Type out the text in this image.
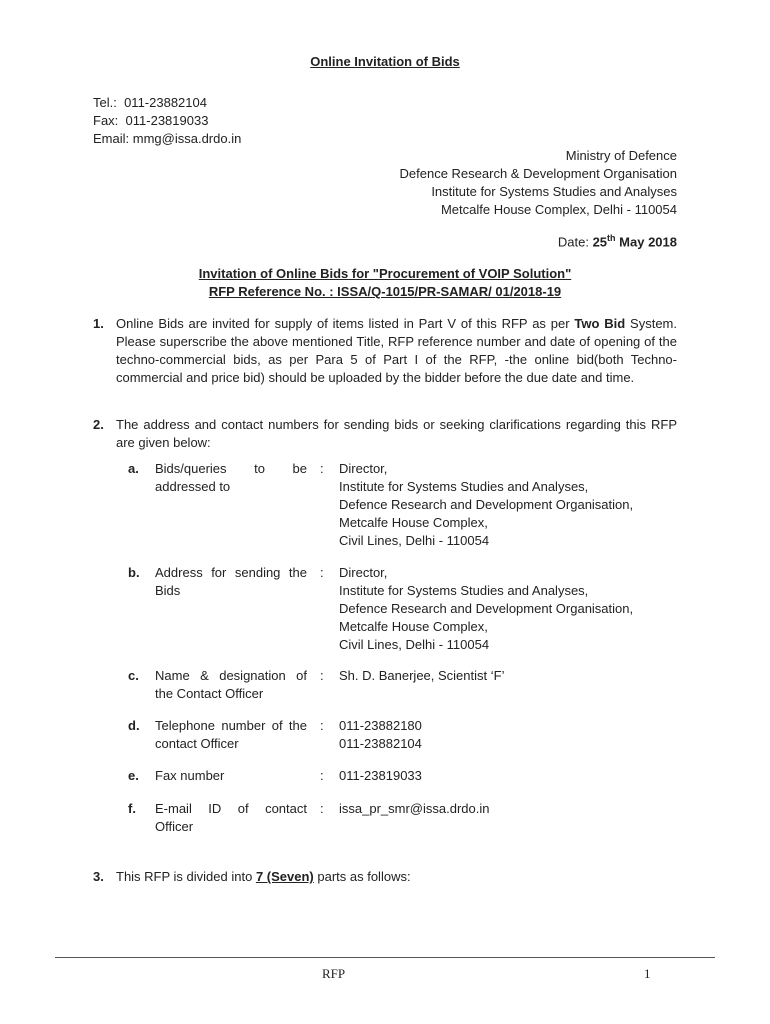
Online Invitation of Bids
Tel.: 011-23882104
Fax: 011-23819033
Email: mmg@issa.drdo.in
Ministry of Defence
Defence Research & Development Organisation
Institute for Systems Studies and Analyses
Metcalfe House Complex, Delhi - 110054
Date: 25th May 2018
Invitation of Online Bids for "Procurement of VOIP Solution"
RFP Reference No. : ISSA/Q-1015/PR-SAMAR/ 01/2018-19
1. Online Bids are invited for supply of items listed in Part V of this RFP as per Two Bid System. Please superscribe the above mentioned Title, RFP reference number and date of opening of the techno-commercial bids, as per Para 5 of Part I of the RFP, -the online bid(both Techno-commercial and price bid) should be uploaded by the bidder before the due date and time.
2. The address and contact numbers for sending bids or seeking clarifications regarding this RFP are given below:
a. Bids/queries to be addressed to
: Director,
Institute for Systems Studies and Analyses,
Defence Research and Development Organisation,
Metcalfe House Complex,
Civil Lines, Delhi - 110054
b. Address for sending the Bids
: Director,
Institute for Systems Studies and Analyses,
Defence Research and Development Organisation,
Metcalfe House Complex,
Civil Lines, Delhi - 110054
c. Name & designation of the Contact Officer
: Sh. D. Banerjee, Scientist ‘F’
d. Telephone number of the contact Officer
: 011-23882180
011-23882104
e. Fax number	: 011-23819033
f. E-mail ID of contact Officer
: issa_pr_smr@issa.drdo.in
3. This RFP is divided into 7 (Seven) parts as follows:
RFP	1
